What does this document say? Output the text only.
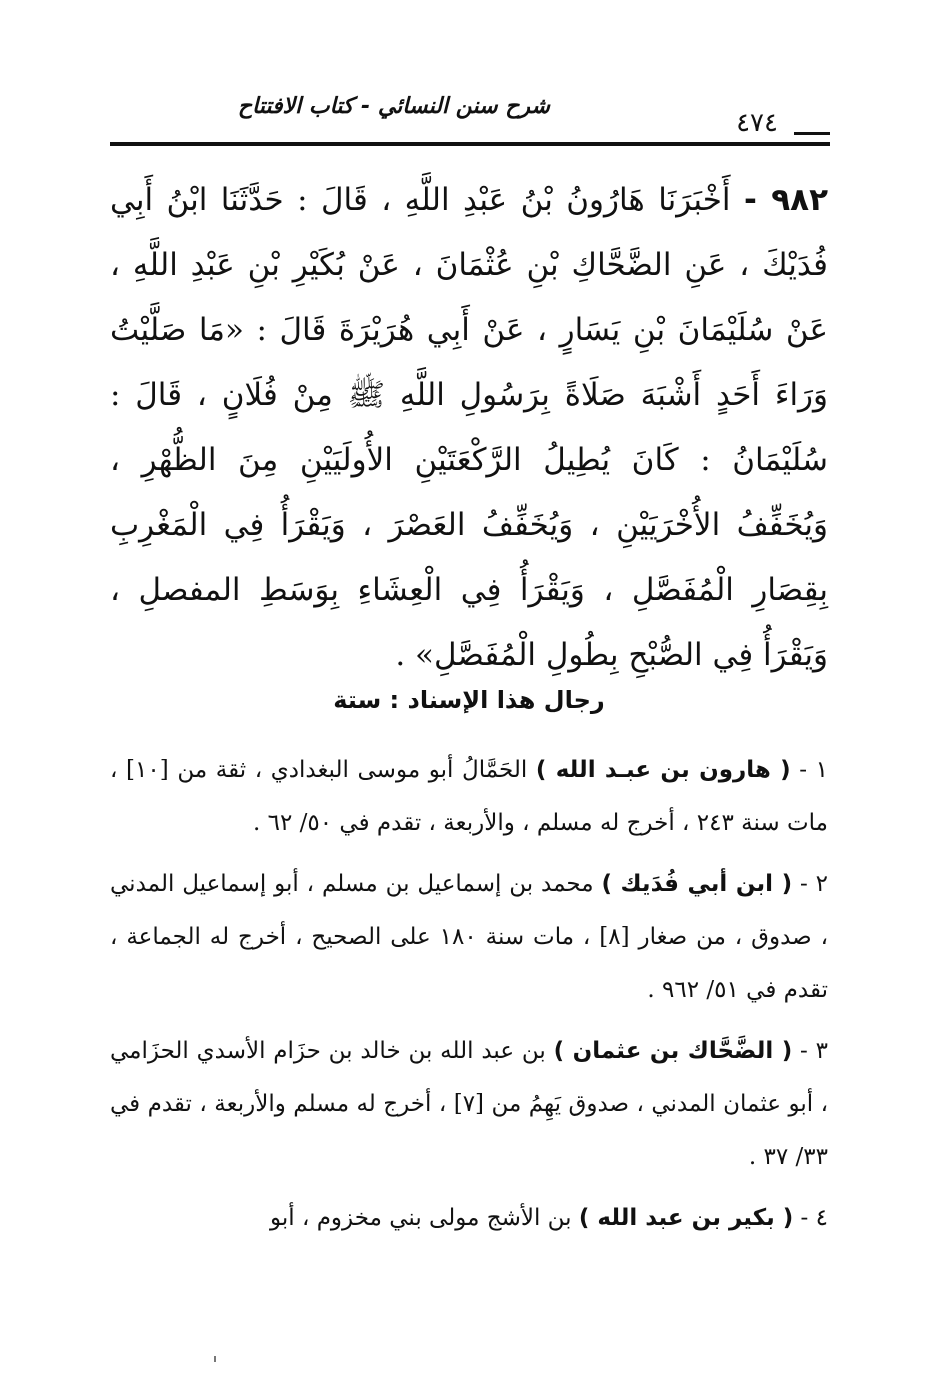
شرح سنن النسائي - كتاب الافتتاح
٤٧٤
٩٨٢ - أَخْبَرَنَا هَارُونُ بْنُ عَبْدِ اللَّهِ ، قَالَ : حَدَّثَنَا ابْنُ أَبِي فُدَيْكَ ، عَنِ الضَّحَّاكِ بْنِ عُثْمَانَ ، عَنْ بُكَيْرِ بْنِ عَبْدِ اللَّهِ ، عَنْ سُلَيْمَانَ بْنِ يَسَارٍ ، عَنْ أَبِي هُرَيْرَةَ قَالَ : «مَا صَلَّيْتُ وَرَاءَ أَحَدٍ أَشْبَهَ صَلَاةً بِرَسُولِ اللَّهِ ﷺ مِنْ فُلَانٍ ، قَالَ : سُلَيْمَانُ : كَانَ يُطِيلُ الرَّكْعَتَيْنِ الأُولَيَيْنِ مِنَ الظُّهْرِ ، وَيُخَفِّفُ الأُخْرَيَيْنِ ، وَيُخَفِّفُ العَصْرَ ، وَيَقْرَأُ فِي الْمَغْرِبِ بِقِصَارِ الْمُفَصَّلِ ، وَيَقْرَأُ فِي الْعِشَاءِ بِوَسَطِ المفصلِ ، وَيَقْرَأُ فِي الصُّبْحِ بِطُولِ الْمُفَصَّلِ» .
رجال هذا الإسناد : ستة
١ - ( هارون بن عبـد الله ) الحَمَّالُ أبو موسى البغدادي ، ثقة من [١٠] ، مات سنة ٢٤٣ ، أخرج له مسلم ، والأربعة ، تقدم في ٥٠/ ٦٢ .
٢ - ( ابن أبي فُدَيك ) محمد بن إسماعيل بن مسلم ، أبو إسماعيل المدني ، صدوق ، من صغار [٨] ، مات سنة ١٨٠ على الصحيح ، أخرج له الجماعة ، تقدم في ٥١/ ٩٦٢ .
٣ - ( الضَّحَّاك بن عثمان ) بن عبد الله بن خالد بن حزَام الأسدي الحزَامي ، أبو عثمان المدني ، صدوق يَهِمُ من [٧] ، أخرج له مسلم والأربعة ، تقدم في ٣٣/ ٣٧ .
٤ - ( بكير بن عبد الله ) بن الأشج مولى بني مخزوم ، أبو
